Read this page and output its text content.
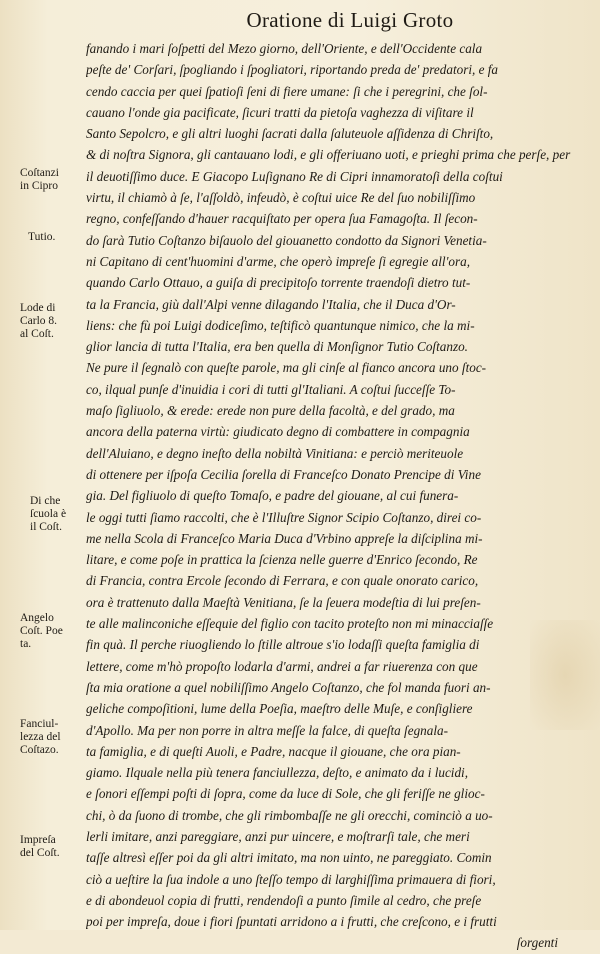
Oratione di Luigi Groto
Coſtanzi
in Cipro
Tutio.
Lode di
Carlo 8.
al Coſt.
Di che
ſcuola è
il Coſt.
Angelo
Coſt. Poe
ta.
Fanciul-
lezza del
Coſtazo.
Impreſa
del Coſt.
fanando i mari ſoſpetti del Mezo giorno, dell'Oriente, e dell'Occidente cala
peſte de' Corſari, ſpogliando i ſpogliatori, riportando preda de' predatori, e fa
cendo caccia per quei ſpatioſi ſeni di fiere umane: ſi che i peregrini, che ſol-
cauano l'onde gia pacificate, ſicuri tratti da pietoſa vaghezza di viſitare il
Santo Sepolcro, e gli altri luoghi ſacrati dalla ſaluteuole aſſidenza di Chriſto,
& di noſtra Signora, gli cantauano lodi, e gli offeriuano uoti, e prieghi prima che perſe, per
il deuotiſſimo duce. E Giacopo Luſignano Re di Cipri innamoratoſi della coſtui
virtu, il chiamò à ſe, l'aſſoldò, infeudò, è coſtui uice Re del ſuo nobiliſſimo
regno, confeſſando d'hauer racquiſtato per opera ſua Famagoſta. Il ſecon-
do ſarà Tutio Coſtanzo biſauolo del giouanetto condotto da Signori Venetia-
ni Capitano di cent'huomini d'arme, che operò impreſe ſi egregie all'ora,
quando Carlo Ottauo, a guiſa di precipitoſo torrente traendoſi dietro tut-
ta la Francia, giù dall'Alpi venne dilagando l'Italia, che il Duca d'Or-
liens: che fù poi Luigi dodiceſimo, teſtificò quantunque nimico, che la mi-
glior lancia di tutta l'Italia, era ben quella di Monſignor Tutio Coſtanzo.
Ne pure il ſegnalò con queſte parole, ma gli cinſe al fianco ancora uno ſtoc-
co, ilqual punſe d'inuidia i cori di tutti gl'Italiani. A coſtui ſucceſſe To-
maſo ſigliuolo, & erede: erede non pure della facoltà, e del grado, ma
ancora della paterna virtù: giudicato degno di combattere in compagnia
dell'Aluiano, e degno ineſto della nobiltà Vinitiana: e perciò meriteuole
di ottenere per iſpoſa Cecilia ſorella di Franceſco Donato Prencipe di Vine
gia. Del figliuolo di queſto Tomaſo, e padre del giouane, al cui funera-
le oggi tutti ſiamo raccolti, che è l'Illuſtre Signor Scipio Coſtanzo, direi co-
me nella Scola di Franceſco Maria Duca d'Vrbino appreſe la diſciplina mi-
litare, e come poſe in prattica la ſcienza nelle guerre d'Enrico ſecondo, Re
di Francia, contra Ercole ſecondo di Ferrara, e con quale onorato carico,
ora è trattenuto dalla Maeſtà Venitiana, ſe la ſeuera modeſtia di lui preſen-
te alle malinconiche eſſequie del figlio con tacito proteſto non mi minacciaſſe
fin quà. Il perche riuogliendo lo ſtille altroue s'io lodaſſi queſta famiglia di
lettere, come m'hò propoſto lodarla d'armi, andrei a far riuerenza con que
ſta mia oratione a quel nobiliſſimo Angelo Coſtanzo, che fol manda fuori an-
geliche compoſitioni, lume della Poeſia, maeſtro delle Muſe, e conſigliere
d'Apollo. Ma per non porre in altra meſſe la falce, di queſta ſegnala-
ta famiglia, e di queſti Auoli, e Padre, nacque il giouane, che ora pian-
giamo. Ilquale nella più tenera fanciullezza, deſto, e animato da i lucidi,
e ſonori eſſempi poſti di ſopra, come da luce di Sole, che gli feriſſe ne glioc-
chi, ò da ſuono di trombe, che gli rimbombaſſe ne gli orecchi, cominciò a uo-
lerli imitare, anzi pareggiare, anzi pur uincere, e moſtrarſi tale, che meri
taſſe altresì eſſer poi da gli altri imitato, ma non uinto, ne pareggiato. Comin
ciò a ueſtire la ſua indole a uno ſteſſo tempo di larghiſſima primauera di fiori,
e di abondeuol copia di frutti, rendendoſi a punto ſimile al cedro, che preſe
poi per impreſa, doue i fiori ſpuntati arridono a i frutti, che creſcono, e i frutti
ſorgenti
